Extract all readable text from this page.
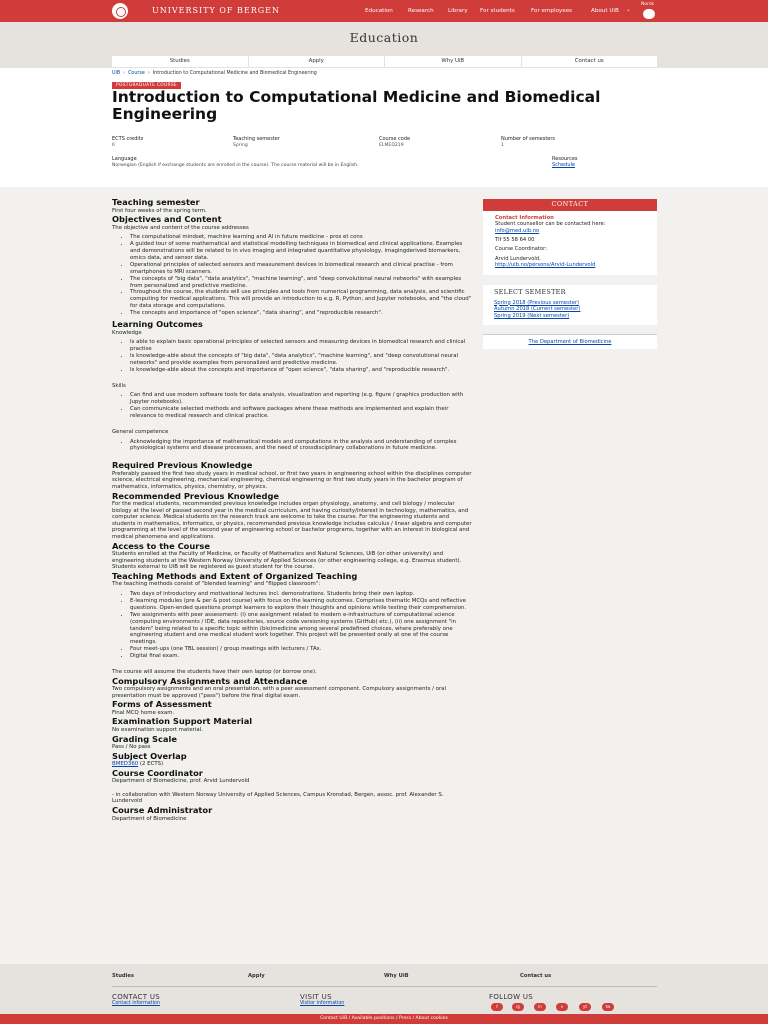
UNIVERSITY OF BERGEN	Education	Research	Library For students	For employees	About UiB ⌄
Norsk
Education
Studies	Apply	Why UiB	Contact us
UiB › Course › Introduction to Computational Medicine and Biomedical Engineering
POSTGRADUATE COURSE
Introduction to Computational Medicine and Biomedical Engineering
ECTS credits
6
Teaching semester
Spring
Course code
ELMED219
Number of semesters
1
Language
Norwegian (English if exchange students are enrolled in the course). The course material will be in English.
Resources
Schedule
Teaching semester

First four weeks of the spring term.

Objectives and Content

The objective and content of the course addresses

• The computational mindset, machine learning and AI in future medicine - pros et cons
• A guided tour of some mathematical and statistical modelling techniques in biomedical and clinical applications. Examples and demonstrations will be related to in vivo imaging and integrated quantitative physiology, imagingderived biomarkers, omics data, and sensor data.
• Operational principles of selected sensors and measurement devices in biomedical research and clinical practise - from smartphones to MRI scanners.
• The concepts of "big data", "data analytics", "machine learning", and "deep convolutional neural networks" with examples from personalized and predictive medicine.
• Throughout the course, the students will use principles and tools from numerical programming, data analysis, and scientific computing for medical applications. This will provide an introduction to e.g. R, Python, and Jupyter notebooks, and "the cloud" for data storage and computations.
• The concepts and importance of "open science", "data sharing", and "reproducible research".
Learning Outcomes

Knowledge

• Is able to explain basic operational principles of selected sensors and measuring devices in biomedical research and clinical practise
• Is knowledge-able about the concepts of "big data", "data analytics", "machine learning", and "deep convolutional neural networks" and provide examples from personalized and predictive medicine.
• Is knowledge-able about the concepts and importance of "open science", "data sharing", and "reproducible research".

Skills

• Can find and use modern software tools for data analysis, visualization and reporting (e.g. figure / graphics production with Jupyter notebooks).
• Can communicate selected methods and software packages where these methods are implemented and explain their relevance to medical research and clinical practice.

General competence

• Acknowledging the importance of mathematical models and computations in the analysis and understanding of complex physiological systems and disease processes, and the need of crossdisciplinary collaborations in future medicine.
Required Previous Knowledge

Preferably passed the first two study years in medical school, or first two years in engineering school within the disciplines computer science, electrical engineering, mechanical engineering, chemical engineering or first two study years in the bachelor program of mathematics, informatics, physics, chemistry, or physics.

Recommended Previous Knowledge

For the medical students, recommended previous knowledge includes organ physiology, anatomy, and cell biology / molecular biology at the level of passed second year in the medical curriculum, and having curiosity/interest in technology, mathematics, and computer science. Medical students on the research track are welcome to take the course. For the engineering students and students in mathematics, informatics, or physics, recommended previous knowledge includes calculus / linear algebra and computer programming at the level of the second year of engineering school or bachelor programs, together with an interest in biological and medical phenomena and applications.

Access to the Course

Students enrolled at the Faculty of Medicine, or Faculty of Mathematics and Natural Sciences, UiB (or other university) and engineering students at the Western Norway University of Applied Sciences (or other engineering college, e.g. Erasmus student). Students external to UiB will be registered as guest student for the course.

Teaching Methods and Extent of Organized Teaching

The teaching methods consist of "blended learning" and "flipped classroom":

• Two days of introductory and motivational lectures incl. demonstrations. Students bring their own laptop.
• E-learning modules (pre & per & post course) with focus on the learning outcomes. Comprises thematic MCQs and reflective questions. Open-ended questions prompt learners to explore their thoughts and opinions while testing their comprehension.
• Two assignments with peer assessment: (i) one assignment related to modern e-infrastructure of computational science (computing environments / IDE, data repositories, source code versioning systems (GitHub) etc.), (ii) one assignment "in tandem" being related to a specific topic within (bio)medicine among several predefined choices, where preferably one engineering student and one medical student work together. This project will be presented orally at one of the course meetings.
• Four meet-ups (one TBL session) / group meetings with lecturers / TAs.
• Digital final exam.

The course will assume the students have their own laptop (or borrow one).

Compulsory Assignments and Attendance

Two compulsory assignments and an oral presentation, with a peer assessment component. Compulsory assignments / oral presentation must be approved ("pass") before the final digital exam.

Forms of Assessment

Final MCQ home exam.

Examination Support Material

No examination support material.

Grading Scale

Pass / No pass

Subject Overlap

BMED360 (2 ECTS)

Course Coordinator

Department of Biomedicine, prof. Arvid Lundervold

- in collaboration with Western Norway University of Applied Sciences, Campus Kronstad, Bergen, assoc. prof. Alexander S. Lundervold

Course Administrator

Department of Biomedicine

CONTACT
Contact Information
Student counsellor can be contacted here:
info@med.uib.no
Tlf 55 58 64 00
Course Coordinator:
Arvid Lundervold,
http://uib.no/persons/Arvid-Lundervold
SELECT SEMESTER
Spring 2018 (Previous semester)
Autumn 2018 (Current semester)
Spring 2019 (Next semester)
The Department of Biomedicine
Studies	Apply	Why UiB	Contact us
CONTACT US
Contact information
VISIT US
Visitor information
FOLLOW US
f	ig	in	v	yt	tw
Contact UiB / Available positions / Press / About cookies
